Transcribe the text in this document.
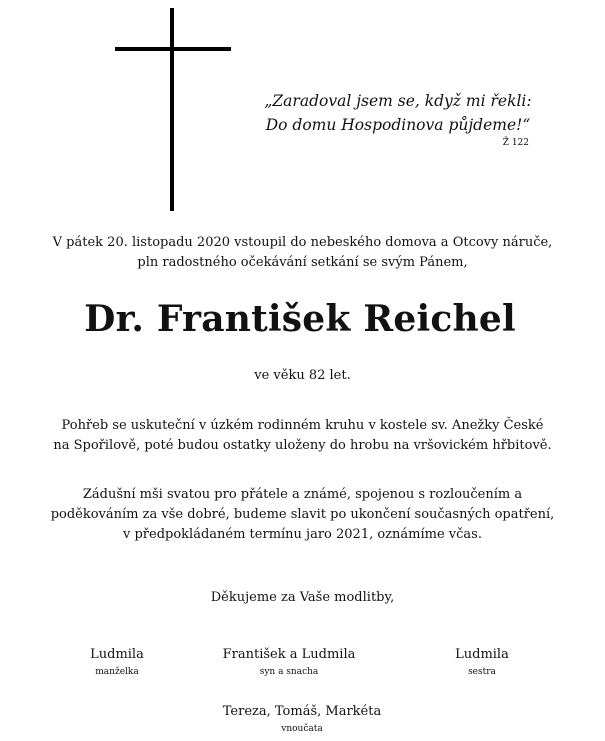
„Zaradoval jsem se, když mi řekli:
Do domu Hospodinova půjdeme!“
Ž 122
V pátek 20. listopadu 2020 vstoupil do nebeského domova a Otcovy náruče,
pln radostného očekávání setkání se svým Pánem,
Dr. František Reichel
ve věku 82 let.
Pohřeb se uskuteční v úzkém rodinném kruhu v kostele sv. Anežky České
na Spořilově, poté budou ostatky uloženy do hrobu na vršovickém hřbitově.
Zádušní mši svatou pro přátele a známé, spojenou s rozloučením a
poděkováním za vše dobré, budeme slavit po ukončení současných opatření,
v předpokládaném termínu jaro 2021, oznámíme včas.
Děkujeme za Vaše modlitby,
Ludmila
manželka
František a Ludmila
syn a snacha
Ludmila
sestra
Tereza, Tomáš, Markéta
vnoučata
